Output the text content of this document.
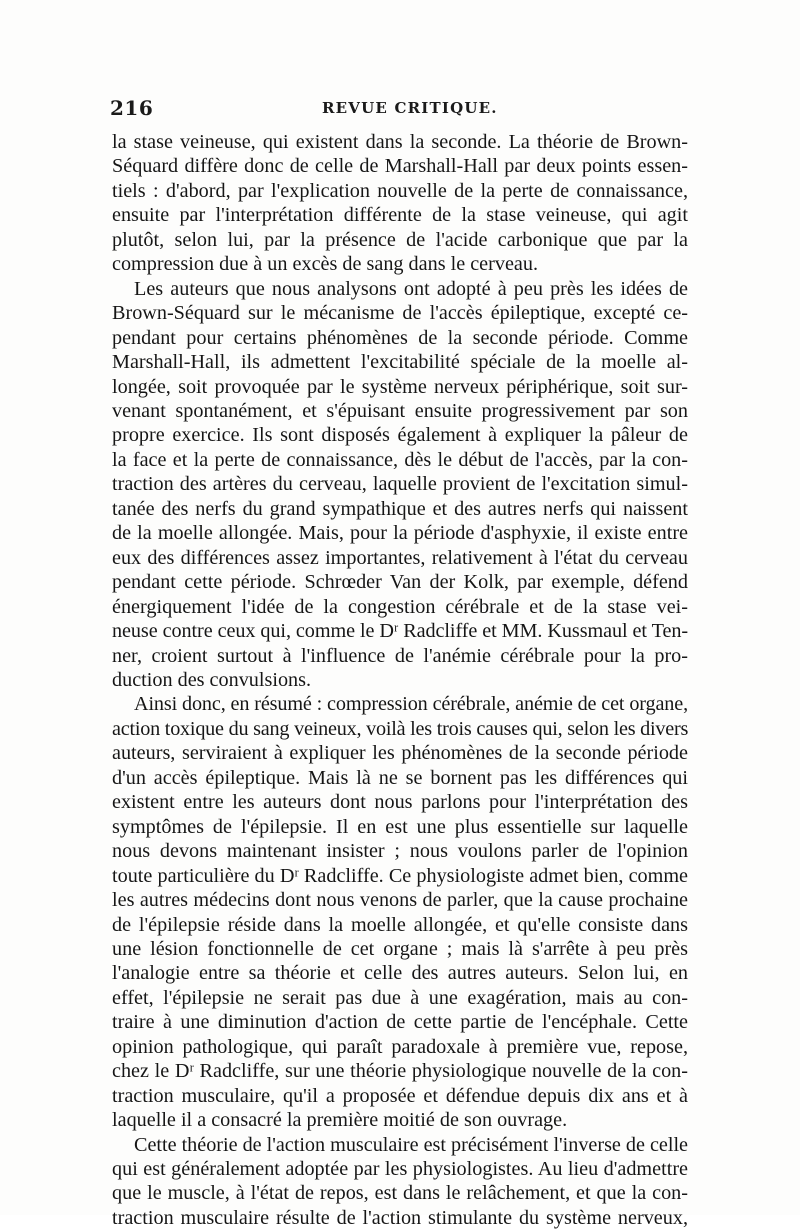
216	REVUE CRITIQUE.
la stase veineuse, qui existent dans la seconde. La théorie de Brown-
Séquard diffère donc de celle de Marshall-Hall par deux points essen-
tiels : d'abord, par l'explication nouvelle de la perte de connaissance,
ensuite par l'interprétation différente de la stase veineuse, qui agit
plutôt, selon lui, par la présence de l'acide carbonique que par la
compression due à un excès de sang dans le cerveau.
Les auteurs que nous analysons ont adopté à peu près les idées de
Brown-Séquard sur le mécanisme de l'accès épileptique, excepté ce-
pendant pour certains phénomènes de la seconde période. Comme
Marshall-Hall, ils admettent l'excitabilité spéciale de la moelle al-
longée, soit provoquée par le système nerveux périphérique, soit sur-
venant spontanément, et s'épuisant ensuite progressivement par son
propre exercice. Ils sont disposés également à expliquer la pâleur de
la face et la perte de connaissance, dès le début de l'accès, par la con-
traction des artères du cerveau, laquelle provient de l'excitation simul-
tanée des nerfs du grand sympathique et des autres nerfs qui naissent
de la moelle allongée. Mais, pour la période d'asphyxie, il existe entre
eux des différences assez importantes, relativement à l'état du cerveau
pendant cette période. Schrœder Van der Kolk, par exemple, défend
énergiquement l'idée de la congestion cérébrale et de la stase vei-
neuse contre ceux qui, comme le Dʳ Radcliffe et MM. Kussmaul et Ten-
ner, croient surtout à l'influence de l'anémie cérébrale pour la pro-
duction des convulsions.
Ainsi donc, en résumé : compression cérébrale, anémie de cet organe,
action toxique du sang veineux, voilà les trois causes qui, selon les divers
auteurs, serviraient à expliquer les phénomènes de la seconde période
d'un accès épileptique. Mais là ne se bornent pas les différences qui
existent entre les auteurs dont nous parlons pour l'interprétation des
symptômes de l'épilepsie. Il en est une plus essentielle sur laquelle
nous devons maintenant insister ; nous voulons parler de l'opinion
toute particulière du Dʳ Radcliffe. Ce physiologiste admet bien, comme
les autres médecins dont nous venons de parler, que la cause prochaine
de l'épilepsie réside dans la moelle allongée, et qu'elle consiste dans
une lésion fonctionnelle de cet organe ; mais là s'arrête à peu près
l'analogie entre sa théorie et celle des autres auteurs. Selon lui, en
effet, l'épilepsie ne serait pas due à une exagération, mais au con-
traire à une diminution d'action de cette partie de l'encéphale. Cette
opinion pathologique, qui paraît paradoxale à première vue, repose,
chez le Dʳ Radcliffe, sur une théorie physiologique nouvelle de la con-
traction musculaire, qu'il a proposée et défendue depuis dix ans et à
laquelle il a consacré la première moitié de son ouvrage.
Cette théorie de l'action musculaire est précisément l'inverse de celle
qui est généralement adoptée par les physiologistes. Au lieu d'admettre
que le muscle, à l'état de repos, est dans le relâchement, et que la con-
traction musculaire résulte de l'action stimulante du système nerveux,
